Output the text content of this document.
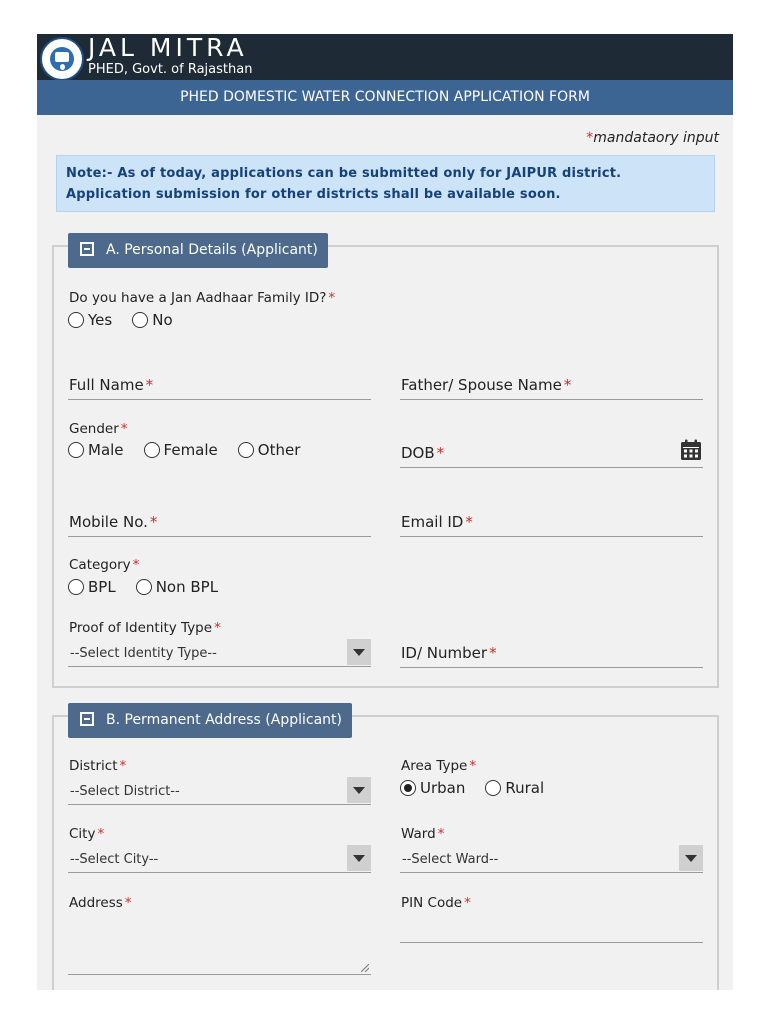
JAL MITRA
PHED, Govt. of Rajasthan
PHED DOMESTIC WATER CONNECTION APPLICATION FORM
*mandataory input
Note:- As of today, applications can be submitted only for JAIPUR district. Application submission for other districts shall be available soon.
A. Personal Details (Applicant)
Do you have a Jan Aadhaar Family ID? *
Yes	No
Full Name *	Father/ Spouse Name *
Gender *
Male	Female	Other	DOB *
Mobile No. *	Email ID *
Category *
BPL	Non BPL
Proof of Identity Type *
--Select Identity Type--	ID/ Number *
B. Permanent Address (Applicant)
District *
--Select District--
Area Type *
Urban	Rural
City *
--Select City--
Ward *
--Select Ward--
Address *	PIN Code *
